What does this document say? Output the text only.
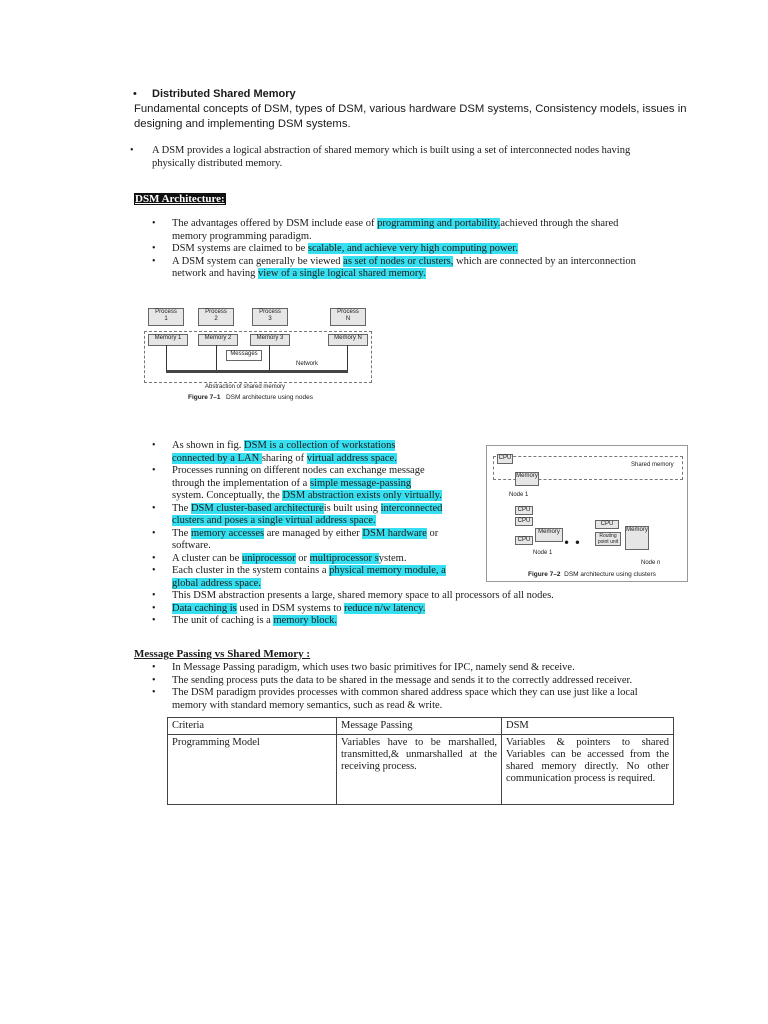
• Distributed Shared Memory
Fundamental concepts of DSM, types of DSM, various hardware DSM systems, Consistency models, issues in
designing and implementing DSM systems.
• A DSM provides a logical abstraction of shared memory which is built using a set of interconnected nodes having
physically distributed memory.
DSM Architecture:
• The advantages offered by DSM include ease of programming and portability.achieved through the shared
memory programming paradigm.
• DSM systems are claimed to be scalable, and achieve very high computing power.
• A DSM system can generally be viewed as set of nodes or clusters, which are connected by an interconnection
network and having view of a single logical shared memory.
Process
1
Process
2
Process
3
Process
N
Memory 1	Memory 2	Memory 3	Memory N
Messages
Network
Abstraction of shared memory
Figure 7–1 DSM architecture using nodes
Shared memory
CPU
Memory
Node 1
CPU
CPU
CPU
Memory
Node 1
• •
CPU
Routing
point unit
Memory
Node n
Figure 7–2 DSM architecture using clusters
• As shown in fig. DSM is a collection of workstations
connected by a LAN sharing of virtual address space.
• Processes running on different nodes can exchange message
through the implementation of a simple message-passing
system. Conceptually, the DSM abstraction exists only virtually.
• The DSM cluster-based architectureis built using interconnected
clusters and poses a single virtual address space.
• The memory accesses are managed by either DSM hardware or
software.
• A cluster can be uniprocessor or multiprocessor system.
• Each cluster in the system contains a physical memory module, a
global address space.
• This DSM abstraction presents a large, shared memory space to all processors of all nodes.
• Data caching is used in DSM systems to reduce n/w latency.
• The unit of caching is a memory block.
Message Passing vs Shared Memory :
• In Message Passing paradigm, which uses two basic primitives for IPC, namely send & receive.
• The sending process puts the data to be shared in the message and sends it to the correctly addressed receiver.
• The DSM paradigm provides processes with common shared address space which they can use just like a local
memory with standard memory semantics, such as read & write.
Criteria	Message Passing	DSM
Programming Model	Variables have to be marshalled, transmitted,& unmarshalled at the receiving process.	Variables & pointers to shared Variables can be accessed from the shared memory directly. No other communication process is required.
